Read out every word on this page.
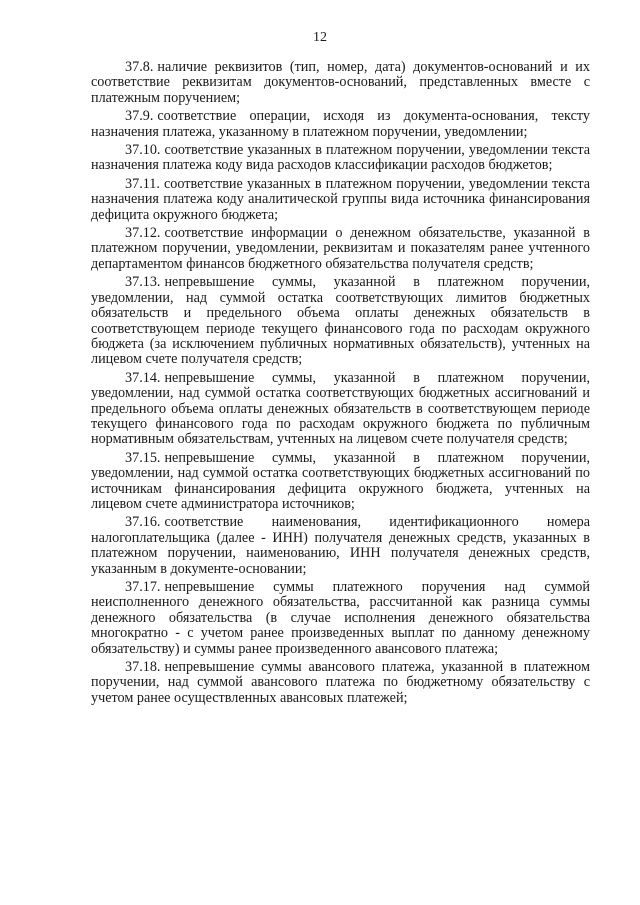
12

37.8. наличие реквизитов (тип, номер, дата) документов-оснований и их соответствие реквизитам документов-оснований, представленных вместе с платежным поручением;

37.9. соответствие операции, исходя из документа-основания, тексту назначения платежа, указанному в платежном поручении, уведомлении;

37.10. соответствие указанных в платежном поручении, уведомлении текста назначения платежа коду вида расходов классификации расходов бюджетов;

37.11. соответствие указанных в платежном поручении, уведомлении текста назначения платежа коду аналитической группы вида источника финансирования дефицита окружного бюджета;

37.12. соответствие информации о денежном обязательстве, указанной в платежном поручении, уведомлении, реквизитам и показателям ранее учтенного департаментом финансов бюджетного обязательства получателя средств;

37.13. непревышение суммы, указанной в платежном поручении, уведомлении, над суммой остатка соответствующих лимитов бюджетных обязательств и предельного объема оплаты денежных обязательств в соответствующем периоде текущего финансового года по расходам окружного бюджета (за исключением публичных нормативных обязательств), учтенных на лицевом счете получателя средств;

37.14. непревышение суммы, указанной в платежном поручении, уведомлении, над суммой остатка соответствующих бюджетных ассигнований и предельного объема оплаты денежных обязательств в соответствующем периоде текущего финансового года по расходам окружного бюджета по публичным нормативным обязательствам, учтенных на лицевом счете получателя средств;

37.15. непревышение суммы, указанной в платежном поручении, уведомлении, над суммой остатка соответствующих бюджетных ассигнований по источникам финансирования дефицита окружного бюджета, учтенных на лицевом счете администратора источников;

37.16. соответствие наименования, идентификационного номера налогоплательщика (далее - ИНН) получателя денежных средств, указанных в платежном поручении, наименованию, ИНН получателя денежных средств, указанным в документе-основании;

37.17. непревышение суммы платежного поручения над суммой неисполненного денежного обязательства, рассчитанной как разница суммы денежного обязательства (в случае исполнения денежного обязательства многократно - с учетом ранее произведенных выплат по данному денежному обязательству) и суммы ранее произведенного авансового платежа;

37.18. непревышение суммы авансового платежа, указанной в платежном поручении, над суммой авансового платежа по бюджетному обязательству с учетом ранее осуществленных авансовых платежей;
